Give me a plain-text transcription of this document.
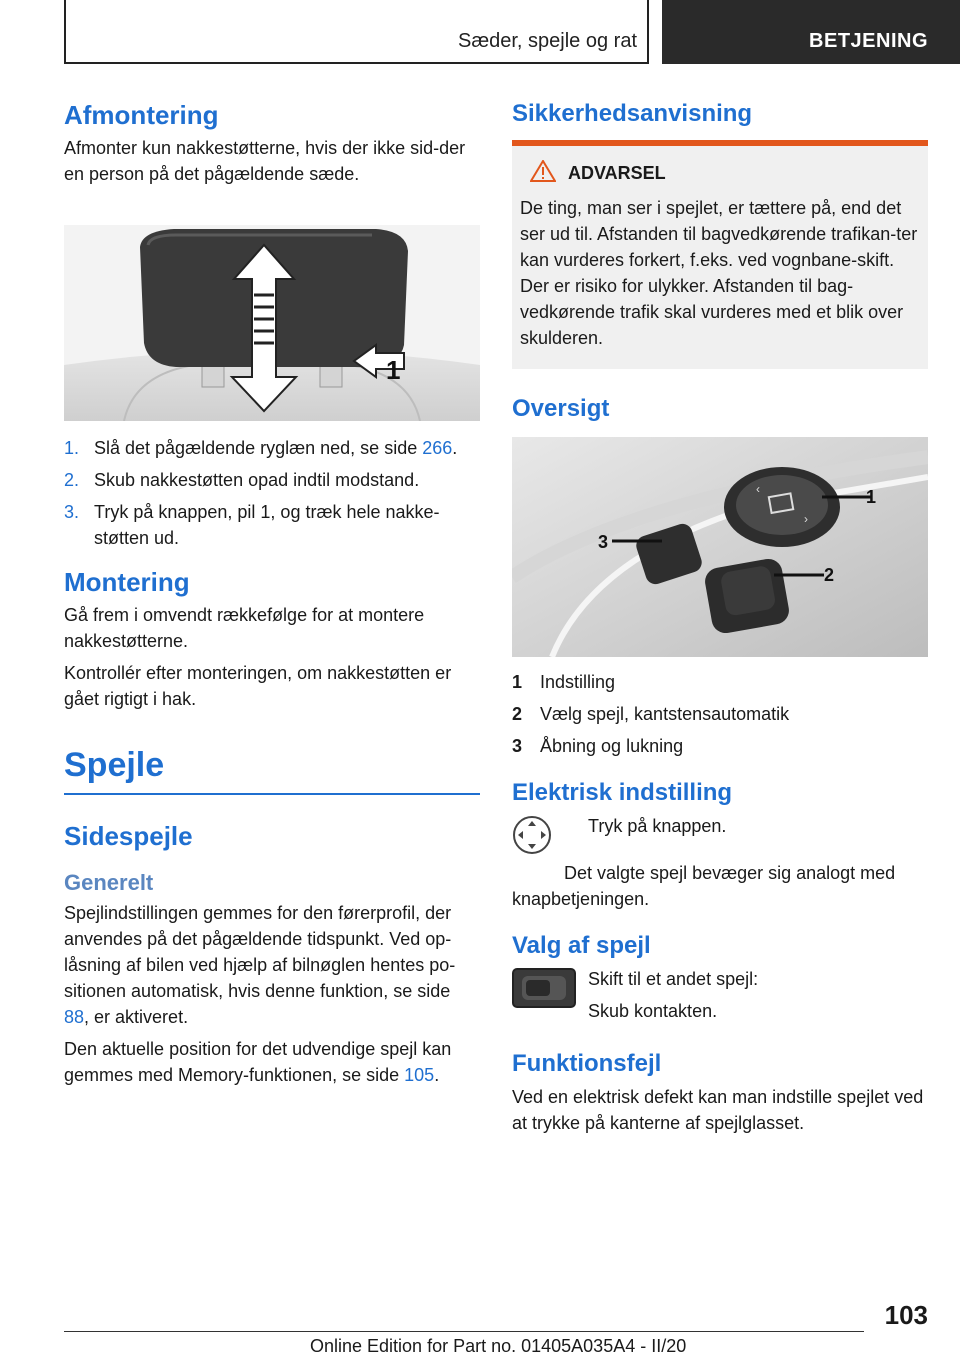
Sæder, spejle og rat	BETJENING
Afmontering

Afmonter kun nakkestøtterne, hvis der ikke sid-der en person på det pågældende sæde.

1
1. Slå det pågældende ryglæn ned, se side 266.
2. Skub nakkestøtten opad indtil modstand.
3. Tryk på knappen, pil 1, og træk hele nakke-støtten ud.
Montering

Gå frem i omvendt rækkefølge for at montere nakkestøtterne.

Kontrollér efter monteringen, om nakkestøtten er gået rigtigt i hak.

Spejle
Sidespejle
Generelt

Spejlindstillingen gemmes for den førerprofil, der anvendes på det pågældende tidspunkt. Ved op-låsning af bilen ved hjælp af bilnøglen hentes po-sitionen automatisk, hvis denne funktion, se side 88, er aktiveret.

Den aktuelle position for det udvendige spejl kan gemmes med Memory-funktionen, se side 105.

Sikkerhedsanvisning
ADVARSEL

De ting, man ser i spejlet, er tættere på, end det ser ud til. Afstanden til bagvedkørende trafikan-ter kan vurderes forkert, f.eks. ved vognbane-skift. Der er risiko for ulykker. Afstanden til bag-vedkørende trafik skal vurderes med et blik over skulderen.

Oversigt
‹
›
1
2
3
1 Indstilling
2 Vælg spejl, kantstensautomatik
3 Åbning og lukning
Elektrisk indstilling

Tryk på knappen.

Det valgte spejl bevæger sig analogt med knapbetjeningen.

Valg af spejl

Skift til et andet spejl:

Skub kontakten.

Funktionsfejl

Ved en elektrisk defekt kan man indstille spejlet ved at trykke på kanterne af spejlglasset.

103
Online Edition for Part no. 01405A035A4 - II/20
